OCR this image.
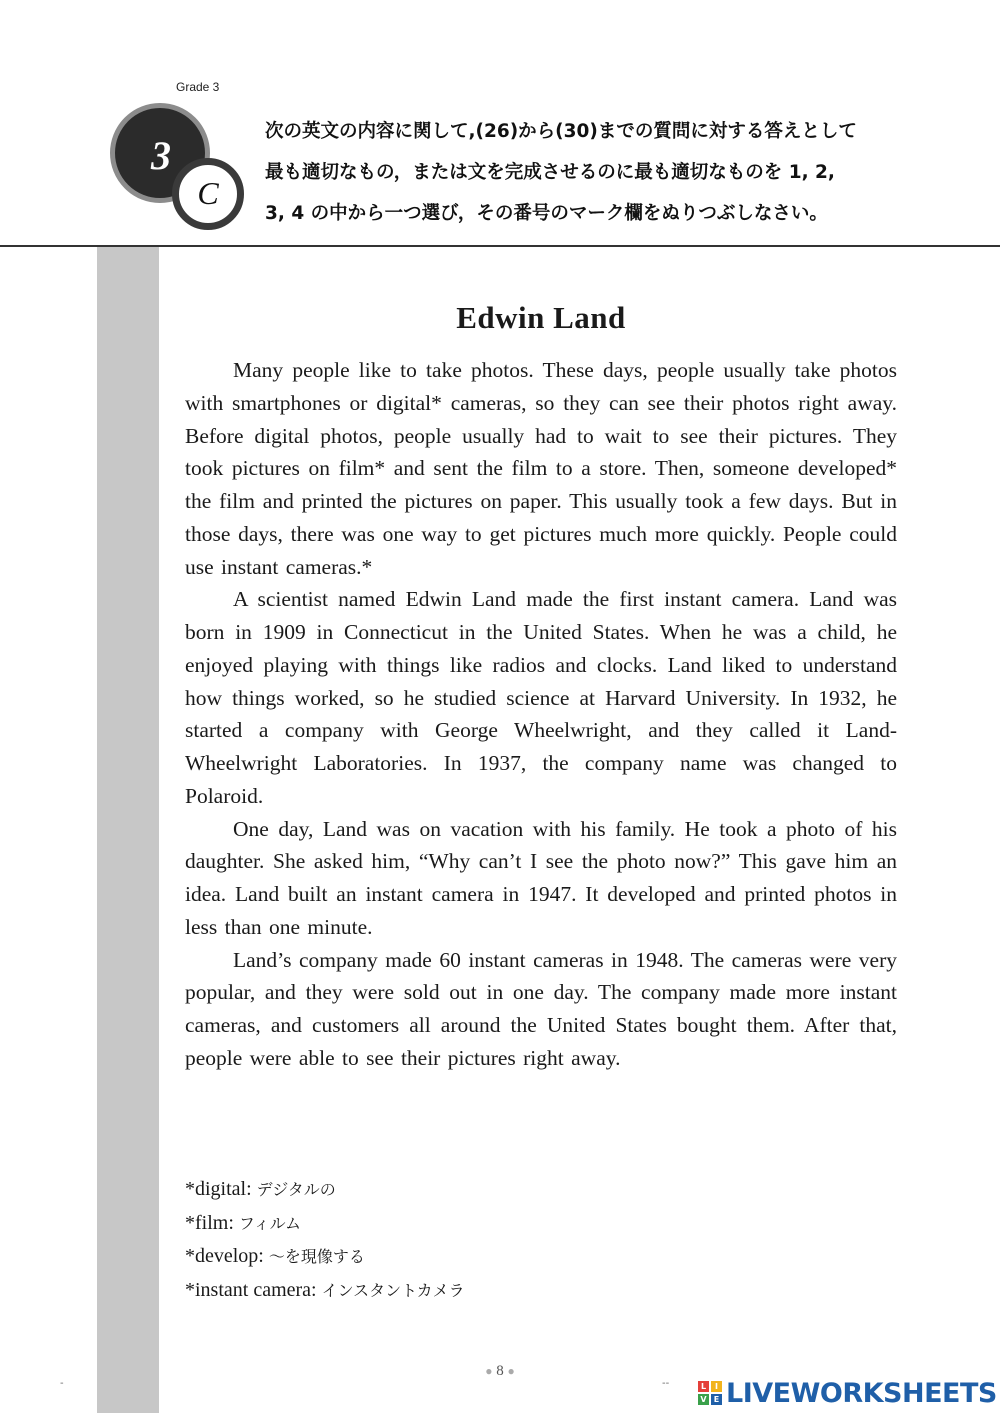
Grade 3
3
C
次の英文の内容に関して,(26)から(30)までの質問に対する答えとして
最も適切なもの，または文を完成させるのに最も適切なものを 1, 2,
3, 4 の中から一つ選び，その番号のマーク欄をぬりつぶしなさい。
Edwin Land

Many people like to take photos. These days, people usually take photos with smartphones or digital* cameras, so they can see their photos right away. Before digital photos, people usually had to wait to see their pictures. They took pictures on film* and sent the film to a store. Then, someone developed* the film and printed the pictures on paper. This usually took a few days. But in those days, there was one way to get pictures much more quickly. People could use instant cameras.*

A scientist named Edwin Land made the first instant camera. Land was born in 1909 in Connecticut in the United States. When he was a child, he enjoyed playing with things like radios and clocks. Land liked to understand how things worked, so he studied science at Harvard University. In 1932, he started a company with George Wheelwright, and they called it Land-Wheelwright Laboratories. In 1937, the company name was changed to Polaroid.

One day, Land was on vacation with his family. He took a photo of his daughter. She asked him, “Why can’t I see the photo now?” This gave him an idea. Land built an instant camera in 1947. It developed and printed photos in less than one minute.

Land’s company made 60 instant cameras in 1948. The cameras were very popular, and they were sold out in one day. The company made more instant cameras, and customers all around the United States bought them. After that, people were able to see their pictures right away.

*digital: デジタルの
*film: フィルム
*develop: ～を現像する
*instant camera: インスタントカメラ
● 8 ●
-	--	L	I
V E LIVEWORKSHEETS
